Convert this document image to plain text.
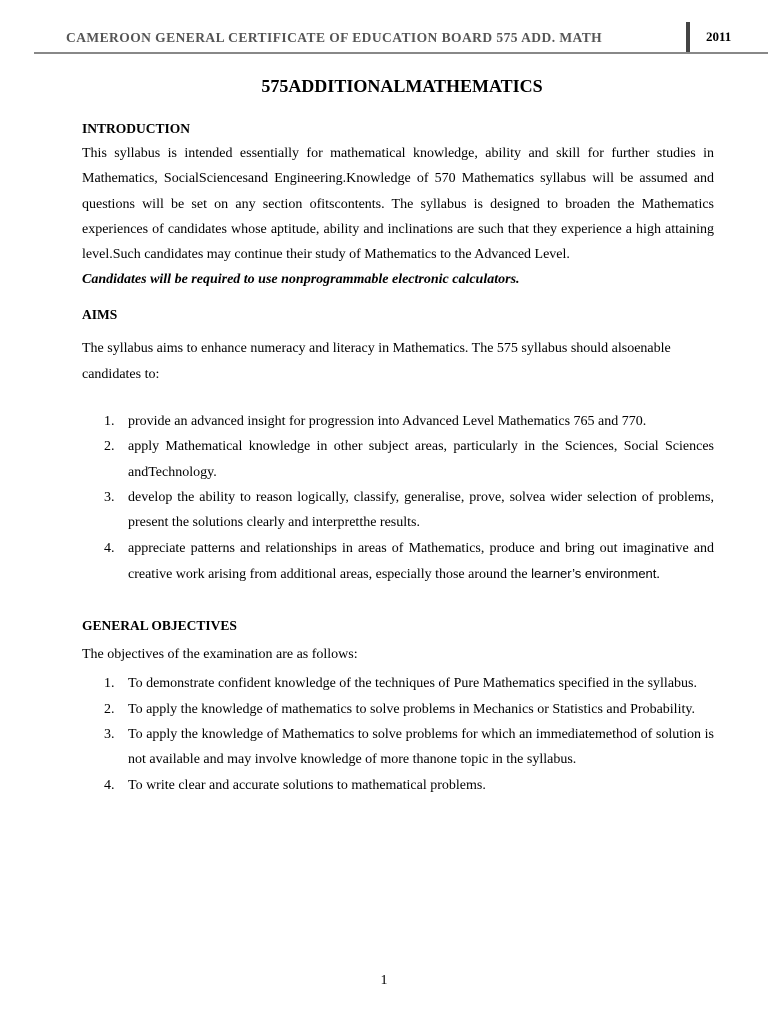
CAMEROON GENERAL CERTIFICATE OF EDUCATION BOARD 575 ADD. MATH	2011
575ADDITIONALMATHEMATICS
INTRODUCTION

This syllabus is intended essentially for mathematical knowledge, ability and skill for further studies in Mathematics, SocialSciencesand Engineering.Knowledge of 570 Mathematics syllabus will be assumed and questions will be set on any section ofitscontents. The syllabus is designed to broaden the Mathematics experiences of candidates whose aptitude, ability and inclinations are such that they experience a high attaining level.Such candidates may continue their study of Mathematics to the Advanced Level.

Candidates will be required to use nonprogrammable electronic calculators.
AIMS

The syllabus aims to enhance numeracy and literacy in Mathematics. The 575 syllabus should alsoenable candidates to:

1. provide an advanced insight for progression into Advanced Level Mathematics 765 and 770.
2. apply Mathematical knowledge in other subject areas, particularly in the Sciences, Social Sciences andTechnology.
3. develop the ability to reason logically, classify, generalise, prove, solvea wider selection of problems, present the solutions clearly and interpretthe results.
4. appreciate patterns and relationships in areas of Mathematics, produce and bring out imaginative and creative work arising from additional areas, especially those around the learner’s environment.
GENERAL OBJECTIVES

The objectives of the examination are as follows:

1. To demonstrate confident knowledge of the techniques of Pure Mathematics specified in the syllabus.
2. To apply the knowledge of mathematics to solve problems in Mechanics or Statistics and Probability.
3. To apply the knowledge of Mathematics to solve problems for which an immediatemethod of solution is not available and may involve knowledge of more thanone topic in the syllabus.
4. To write clear and accurate solutions to mathematical problems.
1
